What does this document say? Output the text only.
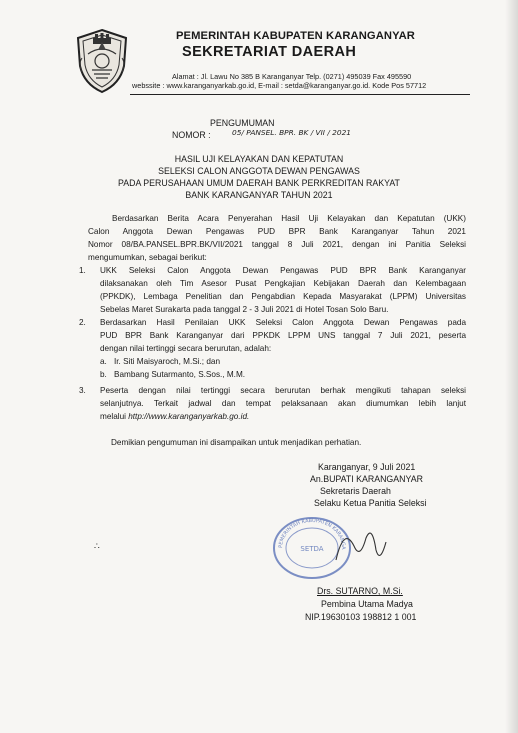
PEMERINTAH KABUPATEN KARANGANYAR
SEKRETARIAT DAERAH
Alamat : Jl. Lawu No 385 B Karanganyar Telp. (0271) 495039 Fax 495590
webssite : www.karanganyarkab.go.id, E-mail : setda@karanganyar.go.id. Kode Pos 57712
PENGUMUMAN
NOMOR :	05/ PANSEL. BPR. BK / VII / 2021
HASIL UJI KELAYAKAN DAN KEPATUTAN
SELEKSI CALON ANGGOTA DEWAN PENGAWAS
PADA PERUSAHAAN UMUM DAERAH BANK PERKREDITAN RAKYAT
BANK KARANGANYAR TAHUN 2021
Berdasarkan Berita Acara Penyerahan Hasil Uji Kelayakan dan Kepatutan (UKK)
Calon Anggota Dewan Pengawas PUD BPR Bank Karanganyar Tahun 2021
Nomor 08/BA.PANSEL.BPR.BK/VII/2021 tanggal 8 Juli 2021, dengan ini Panitia Seleksi
mengumumkan, sebagai berikut:
1. UKK Seleksi Calon Anggota Dewan Pengawas PUD BPR Bank Karanganyar
dilaksanakan oleh Tim Asesor Pusat Pengkajian Kebijakan Daerah dan Kelembagaan
(PPKDK), Lembaga Penelitian dan Pengabdian Kepada Masyarakat (LPPM) Universitas
Sebelas Maret Surakarta pada tanggal 2 - 3 Juli 2021 di Hotel Tosan Solo Baru.
2. Berdasarkan Hasil Penilaian UKK Seleksi Calon Anggota Dewan Pengawas pada
PUD BPR Bank Karanganyar dari PPKDK LPPM UNS tanggal 7 Juli 2021, peserta
dengan nilai tertinggi secara berurutan, adalah:
a. Ir. Siti Maisyaroch, M.Si.; dan
b. Bambang Sutarmanto, S.Sos., M.M.
3. Peserta dengan nilai tertinggi secara berurutan berhak mengikuti tahapan seleksi
selanjutnya. Terkait jadwal dan tempat pelaksanaan akan diumumkan lebih lanjut
melalui http://www.karanganyarkab.go.id.
Demikian pengumuman ini disampaikan untuk menjadikan perhatian.
Karanganyar, 9 Juli 2021
An.BUPATI KARANGANYAR
Sekretaris Daerah
Selaku Ketua Panitia Seleksi
PEMERINTAH KABUPATEN KARANGA
SETDA
∴
Drs. SUTARNO, M.Si.
Pembina Utama Madya
NIP.19630103 198812 1 001
